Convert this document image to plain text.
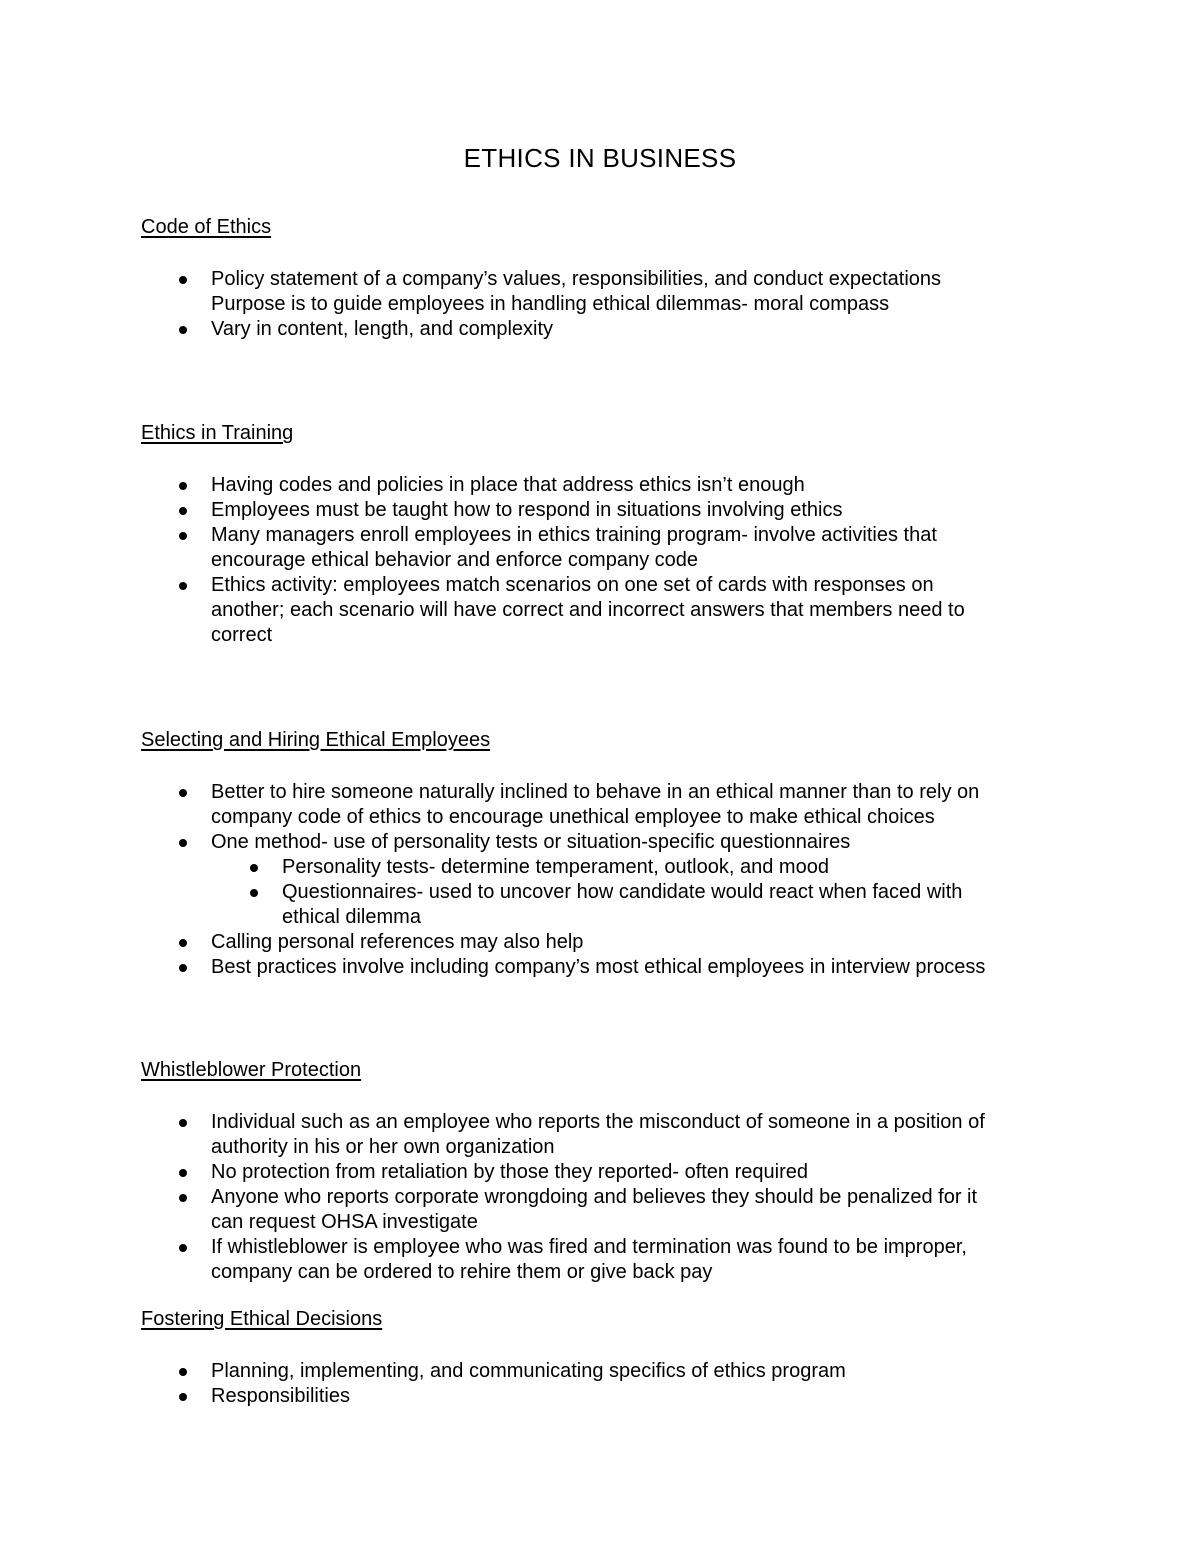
ETHICS IN BUSINESS
Code of Ethics
Policy statement of a company’s values, responsibilities, and conduct expectations
Purpose is to guide employees in handling ethical dilemmas- moral compass
Vary in content, length, and complexity
Ethics in Training
Having codes and policies in place that address ethics isn’t enough
Employees must be taught how to respond in situations involving ethics
Many managers enroll employees in ethics training program- involve activities that
encourage ethical behavior and enforce company code
Ethics activity: employees match scenarios on one set of cards with responses on
another; each scenario will have correct and incorrect answers that members need to
correct
Selecting and Hiring Ethical Employees
Better to hire someone naturally inclined to behave in an ethical manner than to rely on
company code of ethics to encourage unethical employee to make ethical choices
One method- use of personality tests or situation-specific questionnaires
Personality tests- determine temperament, outlook, and mood
Questionnaires- used to uncover how candidate would react when faced with
ethical dilemma
Calling personal references may also help
Best practices involve including company’s most ethical employees in interview process
Whistleblower Protection
Individual such as an employee who reports the misconduct of someone in a position of
authority in his or her own organization
No protection from retaliation by those they reported- often required
Anyone who reports corporate wrongdoing and believes they should be penalized for it
can request OHSA investigate
If whistleblower is employee who was fired and termination was found to be improper,
company can be ordered to rehire them or give back pay
Fostering Ethical Decisions
Planning, implementing, and communicating specifics of ethics program
Responsibilities
